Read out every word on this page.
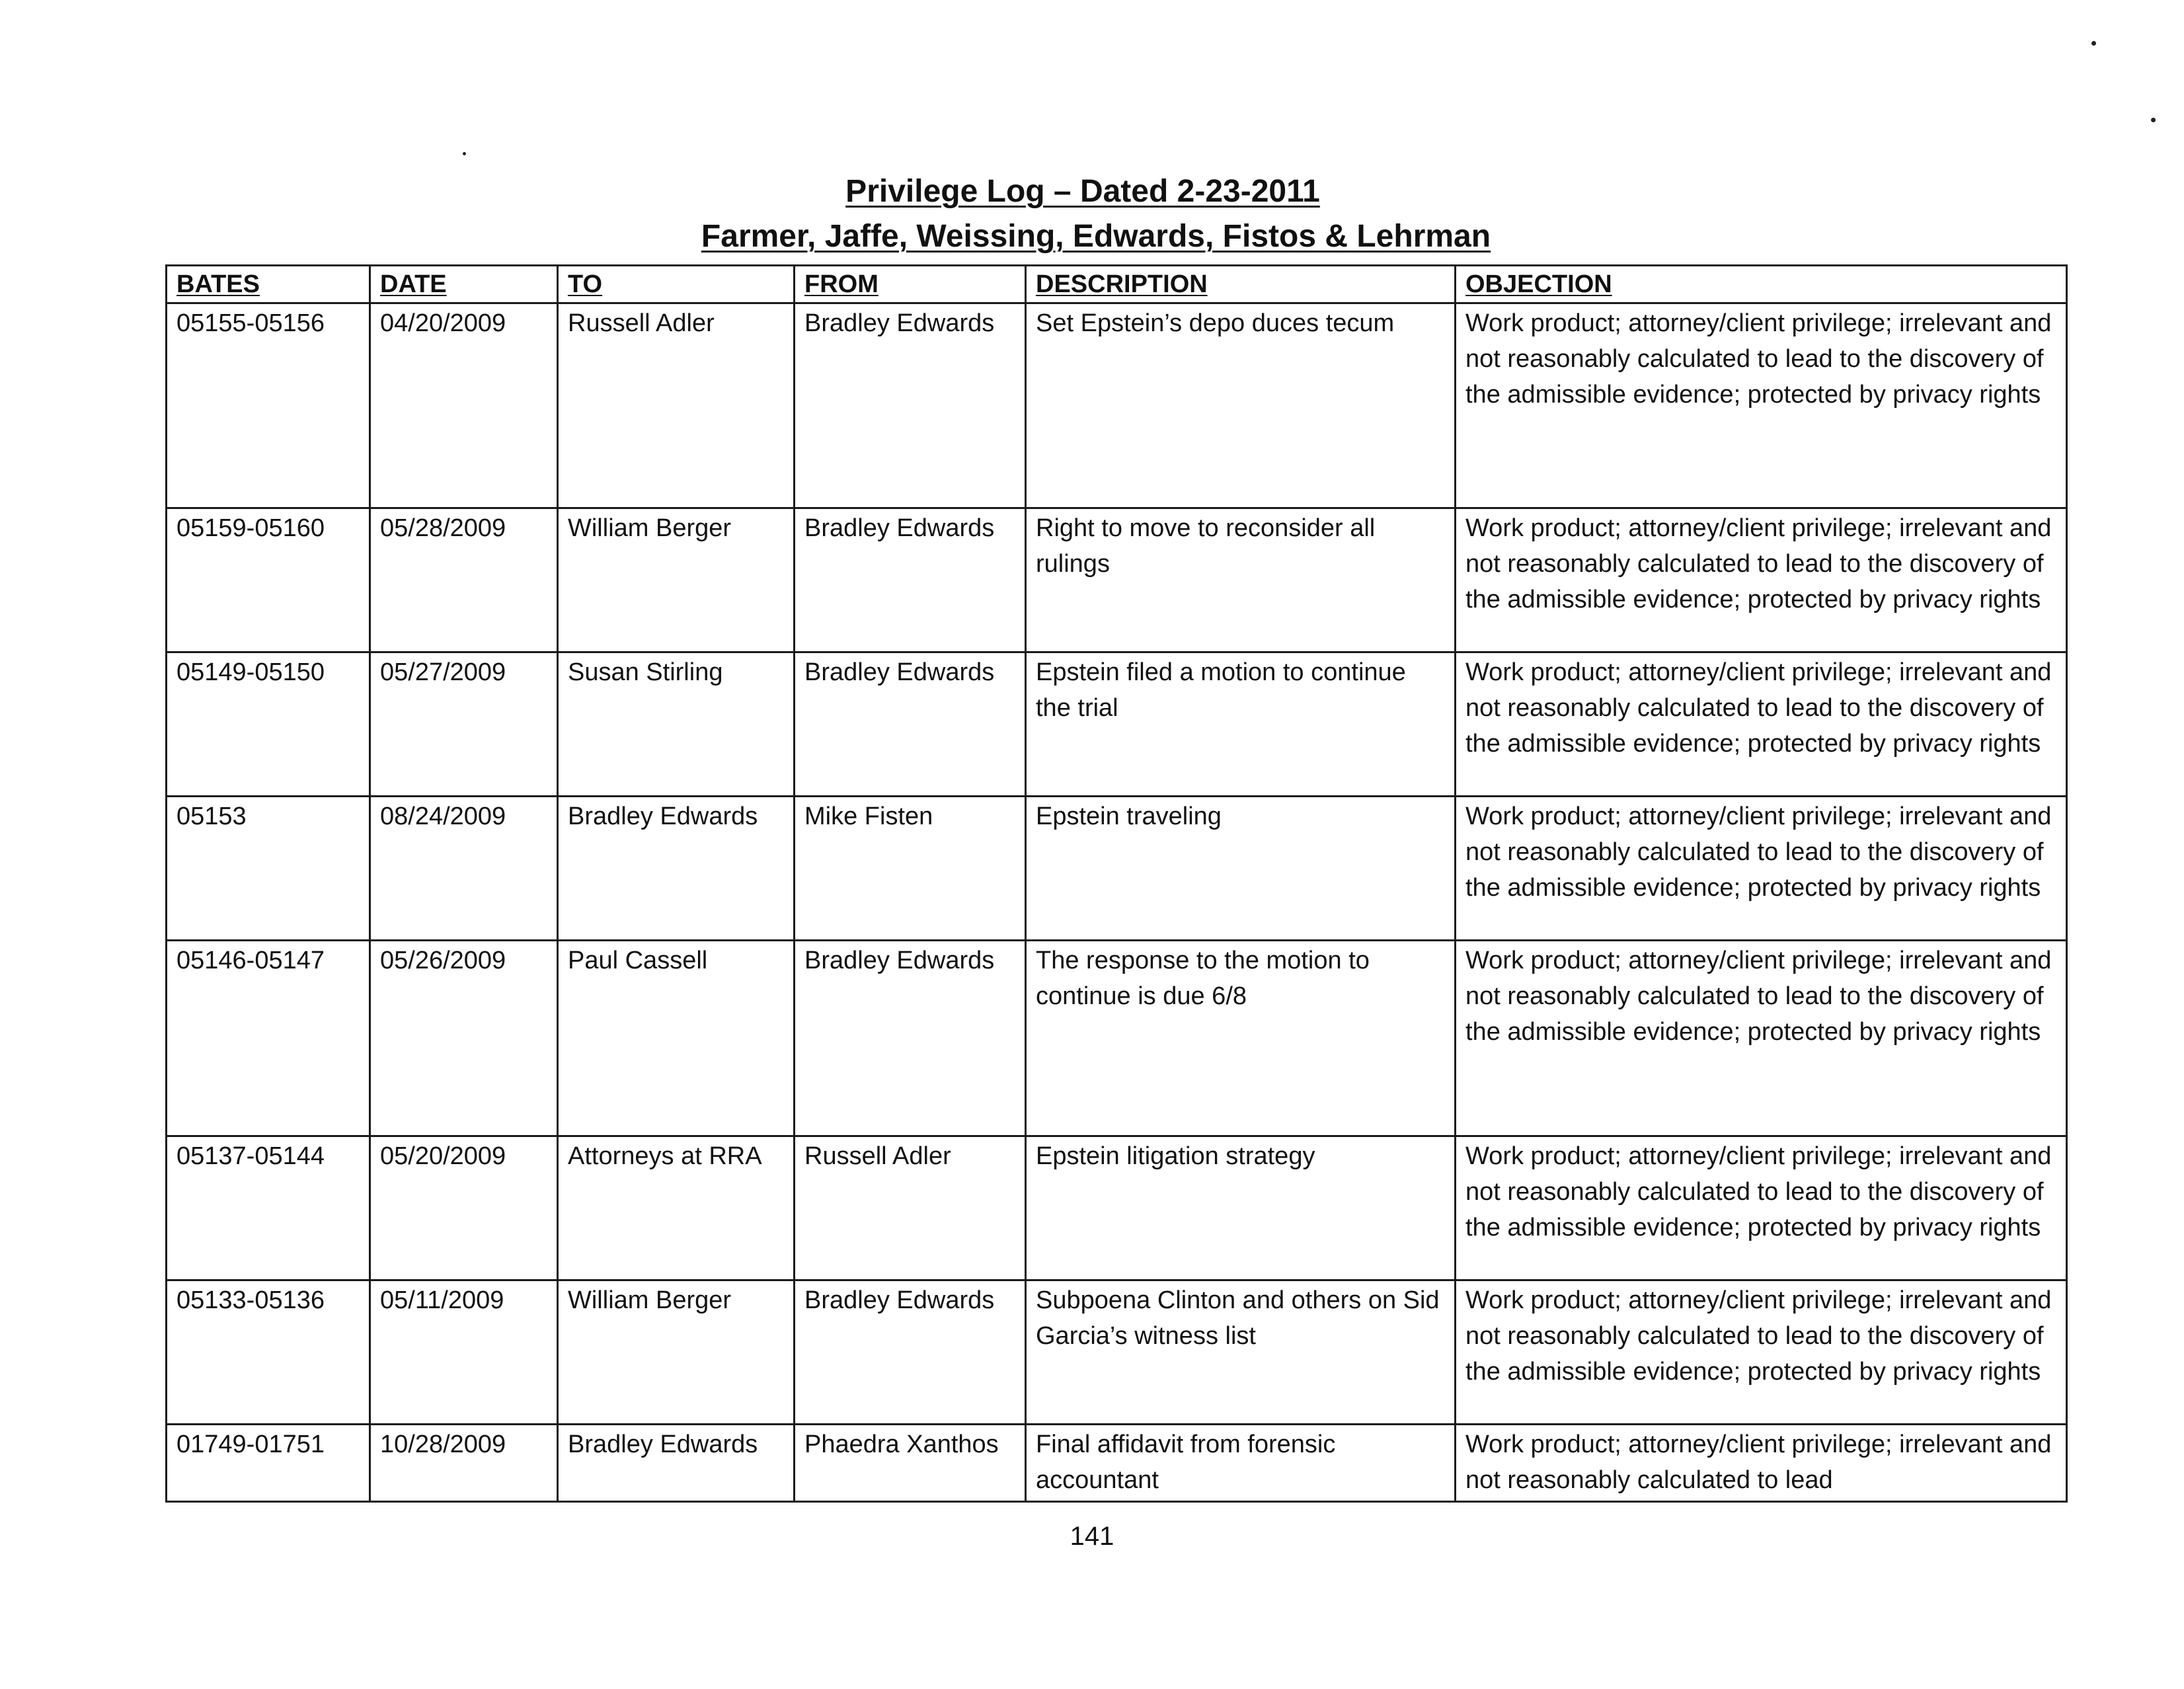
Privilege Log – Dated 2-23-2011
Farmer, Jaffe, Weissing, Edwards, Fistos & Lehrman
BATES	DATE	TO	FROM	DESCRIPTION	OBJECTION
05155-05156	04/20/2009	Russell Adler	Bradley Edwards	Set Epstein’s depo duces tecum	Work product; attorney/client privilege; irrelevant and not reasonably calculated to lead to the discovery of the admissible evidence; protected by privacy rights
05159-05160	05/28/2009	William Berger	Bradley Edwards	Right to move to reconsider all rulings	Work product; attorney/client privilege; irrelevant and not reasonably calculated to lead to the discovery of the admissible evidence; protected by privacy rights
05149-05150	05/27/2009	Susan Stirling	Bradley Edwards	Epstein filed a motion to continue the trial	Work product; attorney/client privilege; irrelevant and not reasonably calculated to lead to the discovery of the admissible evidence; protected by privacy rights
05153	08/24/2009	Bradley Edwards	Mike Fisten	Epstein traveling	Work product; attorney/client privilege; irrelevant and not reasonably calculated to lead to the discovery of the admissible evidence; protected by privacy rights
05146-05147	05/26/2009	Paul Cassell	Bradley Edwards	The response to the motion to continue is due 6/8	Work product; attorney/client privilege; irrelevant and not reasonably calculated to lead to the discovery of the admissible evidence; protected by privacy rights
05137-05144	05/20/2009	Attorneys at RRA	Russell Adler	Epstein litigation strategy	Work product; attorney/client privilege; irrelevant and not reasonably calculated to lead to the discovery of the admissible evidence; protected by privacy rights
05133-05136	05/11/2009	William Berger	Bradley Edwards	Subpoena Clinton and others on Sid Garcia’s witness list	Work product; attorney/client privilege; irrelevant and not reasonably calculated to lead to the discovery of the admissible evidence; protected by privacy rights
01749-01751	10/28/2009	Bradley Edwards	Phaedra Xanthos	Final affidavit from forensic accountant	Work product; attorney/client privilege; irrelevant and not reasonably calculated to lead
141
